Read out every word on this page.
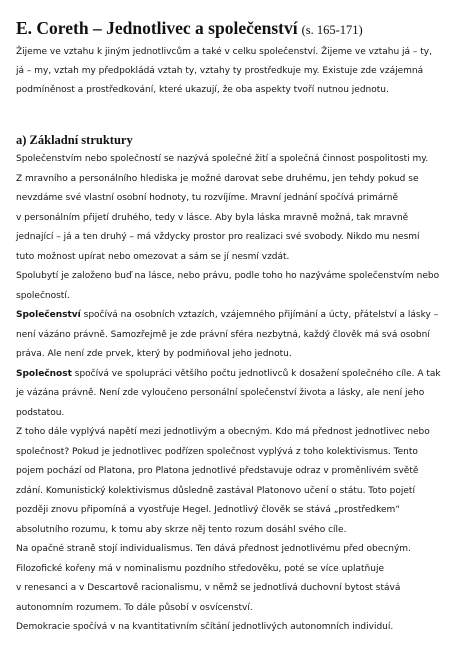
E. Coreth – Jednotlivec a společenství (s. 165-171)
Žijeme ve vztahu k jiným jednotlivcům a také v celku společenství. Žijeme ve vztahu já – ty,
já – my, vztah my předpokládá vztah ty, vztahy ty prostředkuje my. Existuje zde vzájemná
podmíněnost a prostředkování, které ukazují, že oba aspekty tvoří nutnou jednotu.
a) Základní struktury
Společenstvím nebo společností se nazývá společné žití a společná činnost pospolitosti my.
Z mravního a personálního hlediska je možné darovat sebe druhému, jen tehdy pokud se
nevzdáme své vlastní osobní hodnoty, tu rozvíjíme. Mravní jednání spočívá primárně
v personálním přijetí druhého, tedy v lásce. Aby byla láska mravně možná, tak mravně
jednající – já a ten druhý – má vždycky prostor pro realizaci své svobody. Nikdo mu nesmí
tuto možnost upírat nebo omezovat a sám se jí nesmí vzdát.
Spolubytí je založeno buď na lásce, nebo právu, podle toho ho nazýváme společenstvím nebo
společností.
Společenství spočívá na osobních vztazích, vzájemného přijímání a úcty, přátelství a lásky –
není vázáno právně. Samozřejmě je zde právní sféra nezbytná, každý člověk má svá osobní
práva. Ale není zde prvek, který by podmiňoval jeho jednotu.
Společnost spočívá ve spolupráci většího počtu jednotlivců k dosažení společného cíle. A tak
je vázána právně. Není zde vyloučeno personální společenství života a lásky, ale není jeho
podstatou.
Z toho dále vyplývá napětí mezi jednotlivým a obecným. Kdo má přednost jednotlivec nebo
společnost? Pokud je jednotlivec podřízen společnost vyplývá z toho kolektivismus. Tento
pojem pochází od Platona, pro Platona jednotlivé představuje odraz v proměnlivém světě
zdání. Komunistický kolektivismus důsledně zastával Platonovo učení o státu. Toto pojetí
později znovu připomíná a vyostřuje Hegel. Jednotlivý člověk se stává „prostředkem“
absolutního rozumu, k tomu aby skrze něj tento rozum dosáhl svého cíle.
Na opačné straně stojí individualismus. Ten dává přednost jednotlivému před obecným.
Filozofické kořeny má v nominalismu pozdního středověku, poté se více uplatňuje
v renesanci a v Descartově racionalismu, v němž se jednotlivá duchovní bytost stává
autonomním rozumem. To dále působí v osvícenství.
Demokracie spočívá v na kvantitativním sčítání jednotlivých autonomních individuí.
